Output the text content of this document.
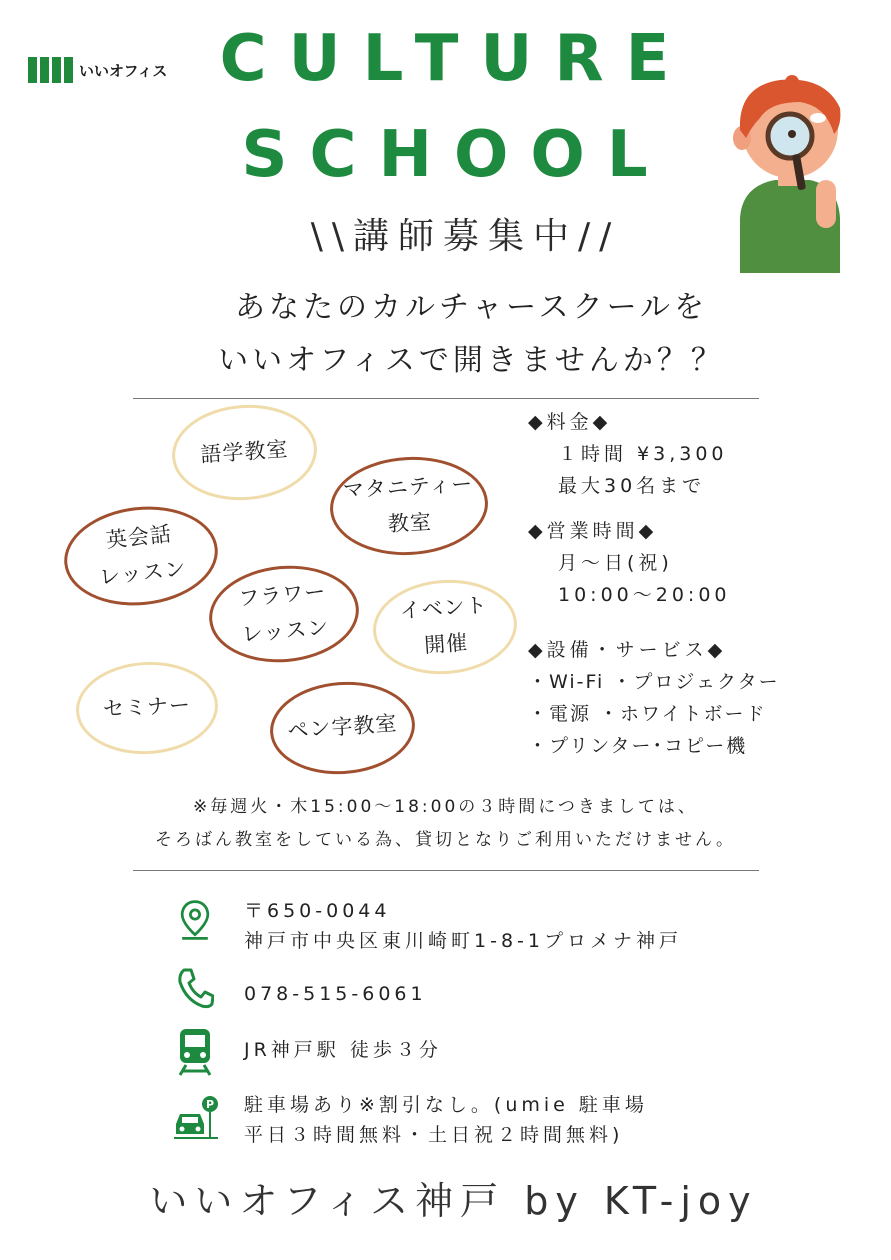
いいオフィス CULTURE
SCHOOL
\\講師募集中//
あなたのカルチャースクールを
いいオフィスで開きませんか？？
語学教室
マタニティー
教室
英会話
レッスン
フラワー
レッスン
イベント
開催
セミナー
ペン字教室
◆料金◆
１時間 ¥3,300
最大30名まで
◆営業時間◆
月～日(祝)
10:00～20:00
◆設備・サービス◆
・Wi-Fi ・プロジェクター
・電源 ・ホワイトボード
・プリンター･コピー機
※毎週火・木15:00～18:00の３時間につきましては、
そろばん教室をしている為、貸切となりご利用いただけません。
〒650-0044
神戸市中央区東川崎町1-8-1プロメナ神戸
078-515-6061
JR神戸駅 徒歩３分
P 駐車場あり※割引なし。(umie 駐車場
平日３時間無料・土日祝２時間無料)
いいオフィス神戸 by KT-joy
